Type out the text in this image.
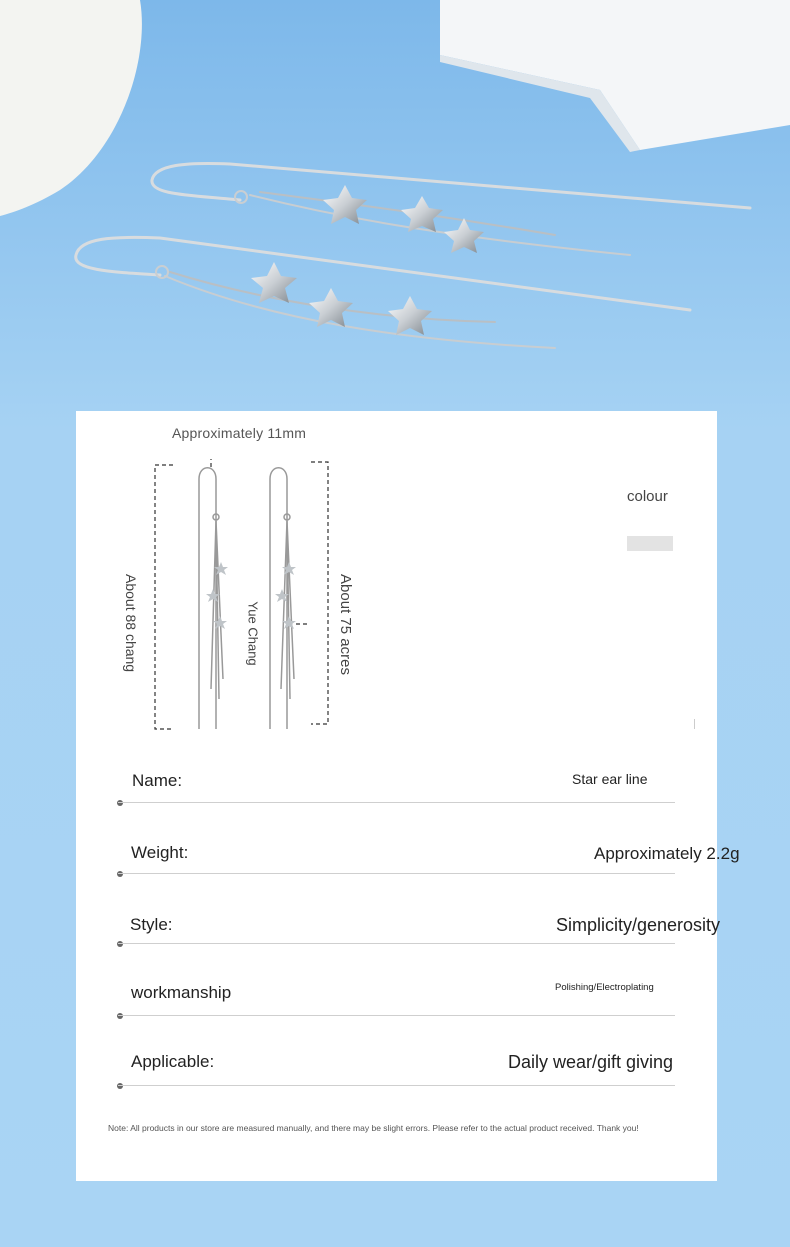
Approximately 11mm
About 88 chang	Yue Chang	About 75 acres
colour
Name:	Star ear line
Weight:	Approximately 2.2g
Style:	Simplicity/generosity
workmanship	Polishing/Electroplating
Applicable:	Daily wear/gift giving
Note: All products in our store are measured manually, and there may be slight errors. Please refer to the actual product received. Thank you!
